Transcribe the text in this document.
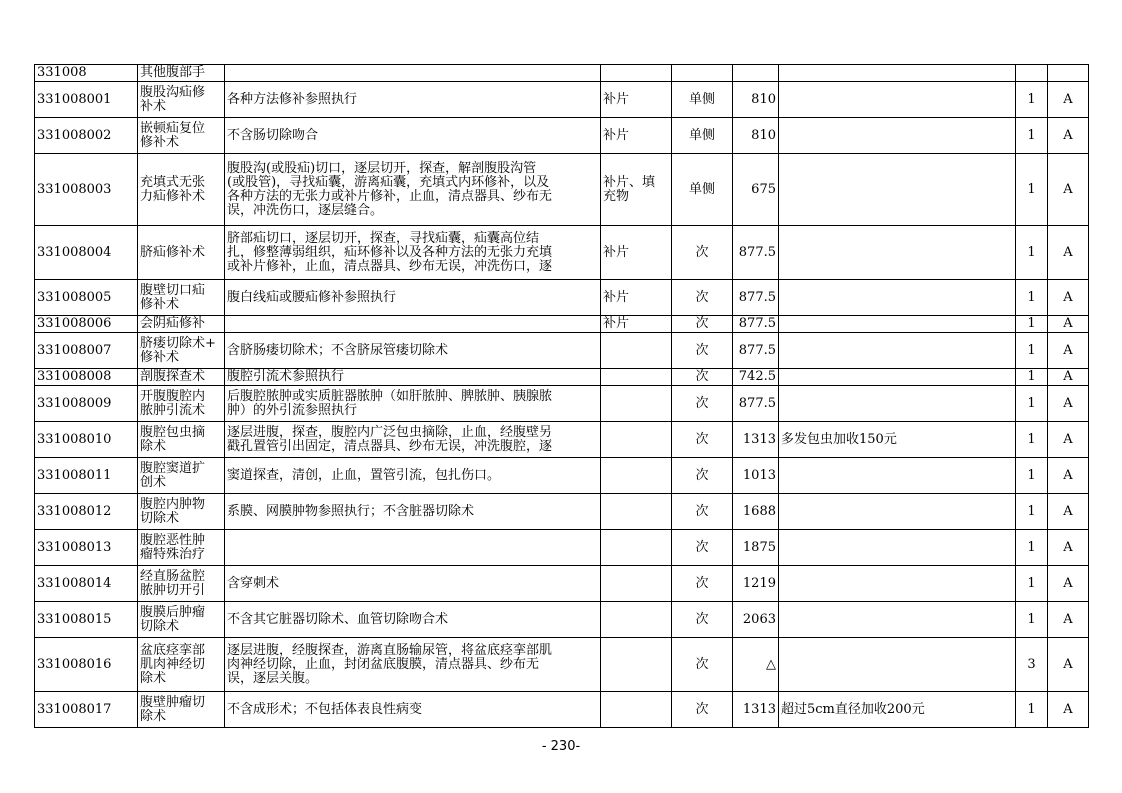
331008	其他腹部手							
331008001	腹股沟疝修
补术	各种方法修补参照执行	补片	单侧	810		1	A
331008002	嵌顿疝复位
修补术	不含肠切除吻合	补片	单侧	810		1	A
331008003	充填式无张
力疝修补术	腹股沟(或股疝)切口，逐层切开，探查，解剖腹股沟管
(或股管)，寻找疝囊，游离疝囊，充填式内环修补，以及
各种方法的无张力或补片修补，止血，清点器具、纱布无
误，冲洗伤口，逐层缝合。	补片、填
充物	单侧	675		1	A
331008004	脐疝修补术	脐部疝切口，逐层切开，探查，寻找疝囊，疝囊高位结
扎，修整薄弱组织，疝环修补以及各种方法的无张力充填
或补片修补，止血，清点器具、纱布无误，冲洗伤口，逐	补片	次	877.5		1	A
331008005	腹壁切口疝
修补术	腹白线疝或腰疝修补参照执行	补片	次	877.5		1	A
331008006	会阴疝修补		补片	次	877.5		1	A
331008007	脐瘘切除术+
修补术	含脐肠瘘切除术；不含脐尿管瘘切除术		次	877.5		1	A
331008008	剖腹探查术	腹腔引流术参照执行		次	742.5		1	A
331008009	开腹腹腔内
脓肿引流术	后腹腔脓肿或实质脏器脓肿（如肝脓肿、脾脓肿、胰腺脓
肿）的外引流参照执行		次	877.5		1	A
331008010	腹腔包虫摘
除术	逐层进腹，探查，腹腔内广泛包虫摘除，止血，经腹壁另
戳孔置管引出固定，清点器具、纱布无误，冲洗腹腔，逐		次	1313	多发包虫加收150元	1	A
331008011	腹腔窦道扩
创术	窦道探查，清创，止血，置管引流，包扎伤口。		次	1013		1	A
331008012	腹腔内肿物
切除术	系膜、网膜肿物参照执行；不含脏器切除术		次	1688		1	A
331008013	腹腔恶性肿
瘤特殊治疗			次	1875		1	A
331008014	经直肠盆腔
脓肿切开引	含穿刺术		次	1219		1	A
331008015	腹膜后肿瘤
切除术	不含其它脏器切除术、血管切除吻合术		次	2063		1	A
331008016	盆底痉挛部
肌肉神经切
除术	逐层进腹，经腹探查，游离直肠输尿管，将盆底痉挛部肌
肉神经切除，止血，封闭盆底腹膜，清点器具、纱布无
误，逐层关腹。		次	△		3	A
331008017	腹壁肿瘤切
除术	不含成形术；不包括体表良性病变		次	1313	超过5cm直径加收200元	1	A
- 230-
